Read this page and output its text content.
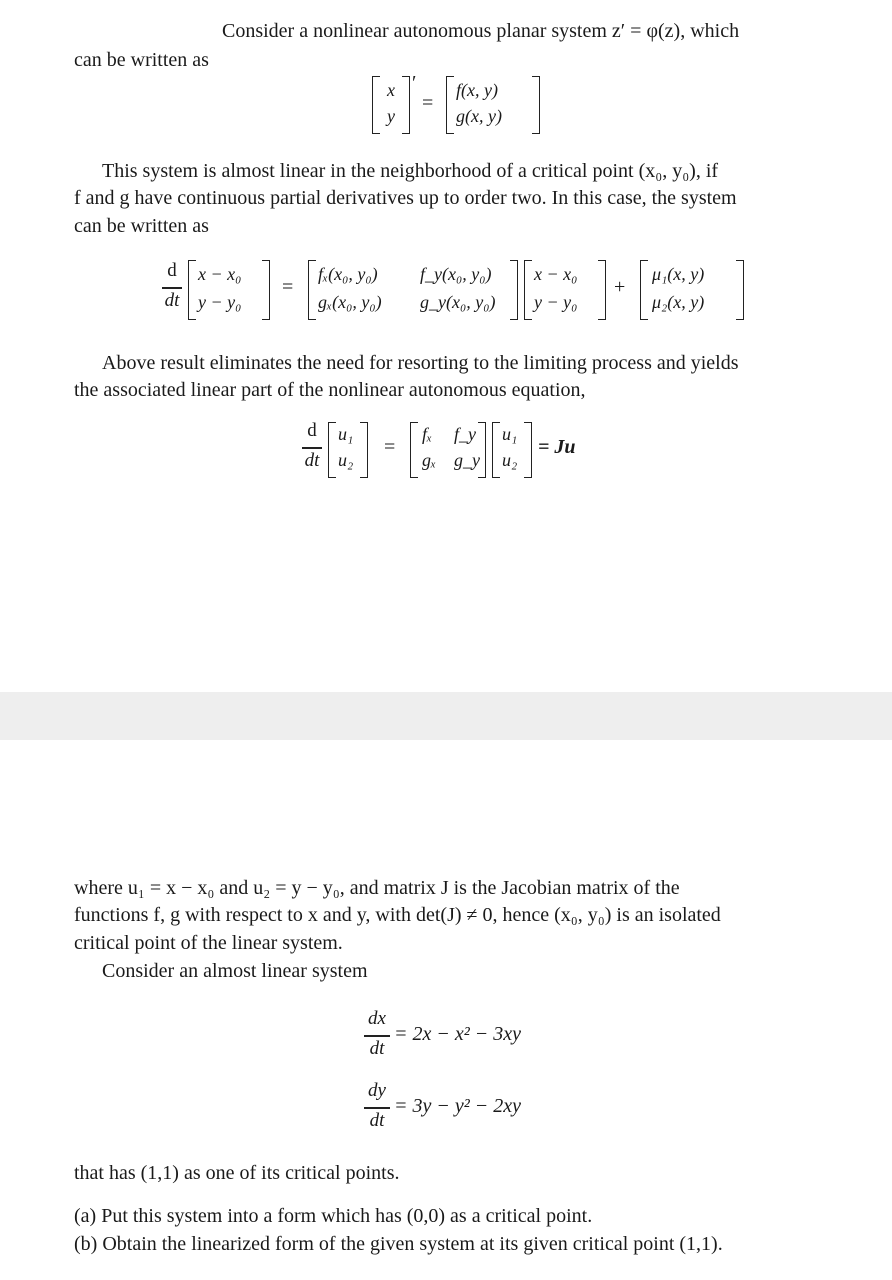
Consider a nonlinear autonomous planar system z′ = φ(z), which
can be written as
x
y
′
=
f(x, y)
g(x, y)
This system is almost linear in the neighborhood of a critical point (x₀, y₀), if
f and g have continuous partial derivatives up to order two. In this case, the system
can be written as
d
dt
x − x₀
y − y₀
=
fₓ(x₀, y₀) f_y(x₀, y₀)
gₓ(x₀, y₀) g_y(x₀, y₀)
x − x₀
y − y₀
+
μ₁(x, y)
μ₂(x, y)
Above result eliminates the need for resorting to the limiting process and yields
the associated linear part of the nonlinear autonomous equation,
d
dt
u₁
u₂
=
fₓ f_y
gₓ g_y
u₁
u₂
= Ju
where u₁ = x − x₀ and u₂ = y − y₀, and matrix J is the Jacobian matrix of the
functions f, g with respect to x and y, with det(J) ≠ 0, hence (x₀, y₀) is an isolated
critical point of the linear system.
Consider an almost linear system
dx
dt
= 2x − x² − 3xy
dy
dt
= 3y − y² − 2xy
that has (1,1) as one of its critical points.
(a) Put this system into a form which has (0,0) as a critical point.
(b) Obtain the linearized form of the given system at its given critical point (1,1).
